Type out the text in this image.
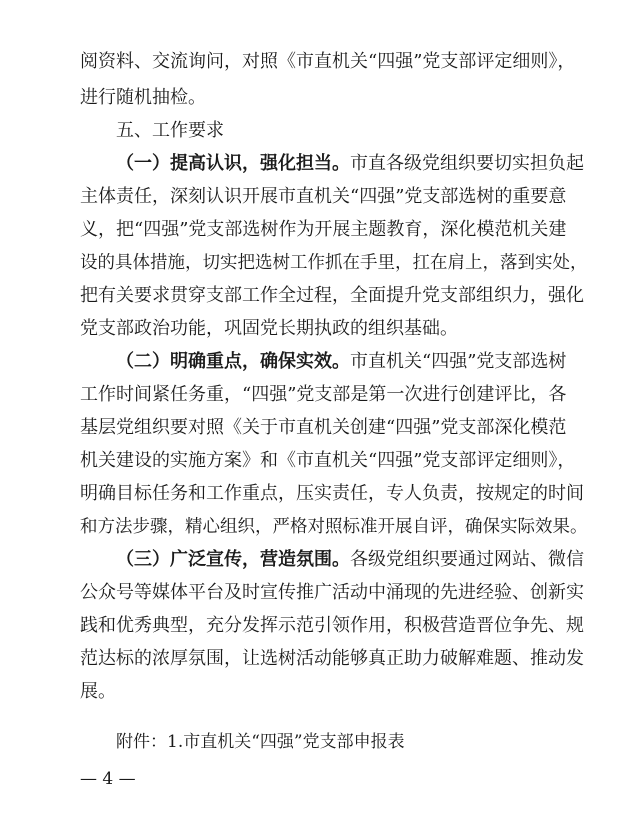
阅资料、交流询问，对照《市直机关“四强”党支部评定细则》，
进行随机抽检。
五、工作要求
（一）提高认识，强化担当。市直各级党组织要切实担负起
主体责任，深刻认识开展市直机关“四强”党支部选树的重要意
义，把“四强”党支部选树作为开展主题教育，深化模范机关建
设的具体措施，切实把选树工作抓在手里，扛在肩上，落到实处，
把有关要求贯穿支部工作全过程，全面提升党支部组织力，强化
党支部政治功能，巩固党长期执政的组织基础。
（二）明确重点，确保实效。市直机关“四强”党支部选树
工作时间紧任务重，“四强”党支部是第一次进行创建评比，各
基层党组织要对照《关于市直机关创建“四强”党支部深化模范
机关建设的实施方案》和《市直机关“四强”党支部评定细则》，
明确目标任务和工作重点，压实责任，专人负责，按规定的时间
和方法步骤，精心组织，严格对照标准开展自评，确保实际效果。
（三）广泛宣传，营造氛围。各级党组织要通过网站、微信
公众号等媒体平台及时宣传推广活动中涌现的先进经验、创新实
践和优秀典型，充分发挥示范引领作用，积极营造晋位争先、规
范达标的浓厚氛围，让选树活动能够真正助力破解难题、推动发
展。
附件：1.市直机关“四强”党支部申报表
— 4 —
